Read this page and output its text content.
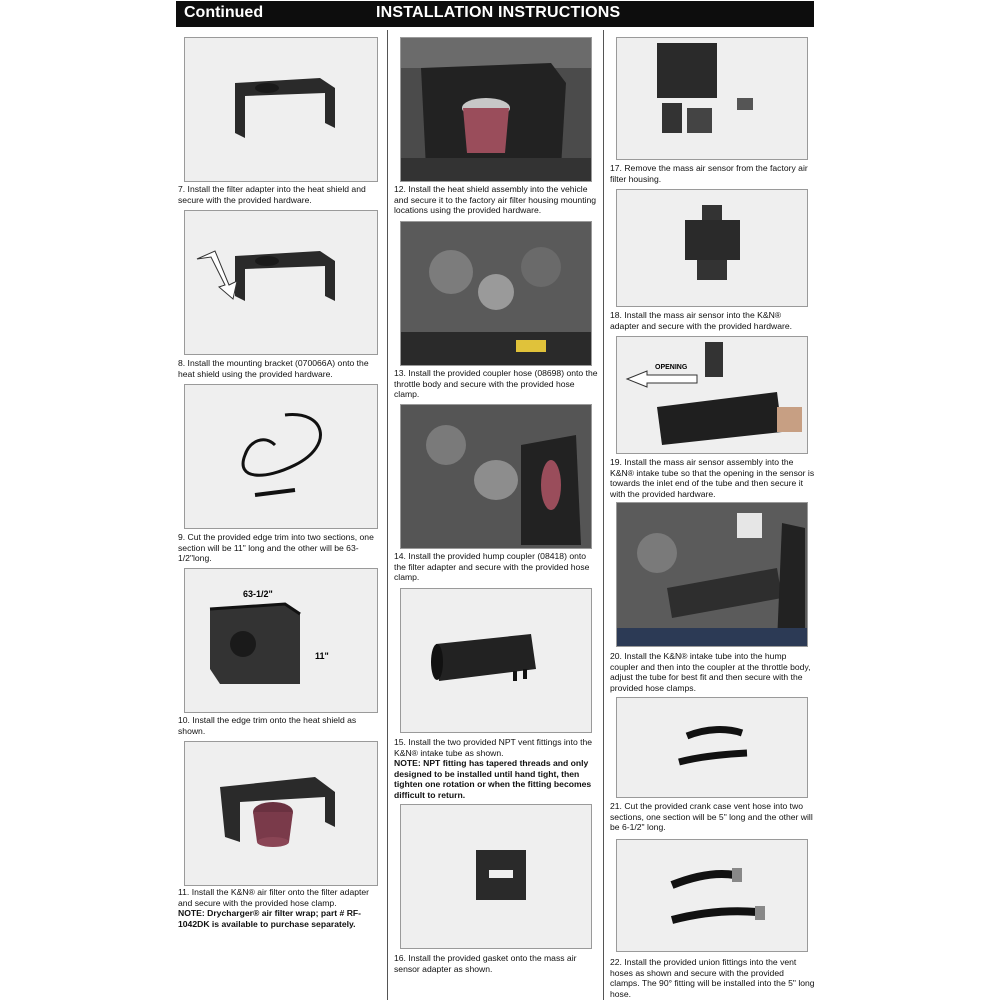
Continued	INSTALLATION INSTRUCTIONS
7. Install the filter adapter into the heat shield and secure with the provided hardware.
8. Install the mounting bracket (070066A) onto the heat shield using the provided hardware.
9. Cut the provided edge trim into two sections, one section will be 11" long and the other will be 63-1/2"long.
63-1/2"
11"
10. Install the edge trim onto the heat shield as shown.
11. Install the K&N® air filter onto the filter adapter and secure with the provided hose clamp.
NOTE: Drycharger® air filter wrap; part # RF-1042DK is available to purchase separately.
12. Install the heat shield assembly into the vehicle and secure it to the factory air filter housing mounting locations using the provided hardware.
13. Install the provided coupler hose (08698) onto the throttle body and secure with the provided hose clamp.
14. Install the provided hump coupler (08418) onto the filter adapter and secure with the provided hose clamp.
15. Install the two provided NPT vent fittings into the K&N® intake tube as shown.
NOTE: NPT fitting has tapered threads and only designed to be installed until hand tight, then tighten one rotation or when the fitting becomes difficult to return.
16. Install the provided gasket onto the mass air sensor adapter as shown.
17. Remove the mass air sensor from the factory air filter housing.
18. Install the mass air sensor into the K&N® adapter and secure with the provided hardware.
OPENING
19. Install the mass air sensor assembly into the K&N® intake tube so that the opening in the sensor is towards the inlet end of the tube and then secure it with the provided hardware.
20. Install the K&N® intake tube into the hump coupler and then into the coupler at the throttle body, adjust the tube for best fit and then secure with the provided hose clamps.
21. Cut the provided crank case vent hose into two sections, one section will be 5" long and the other will be 6-1/2" long.
22. Install the provided union fittings into the vent hoses as shown and secure with the provided clamps. The 90° fitting will be installed into the 5" long hose.
